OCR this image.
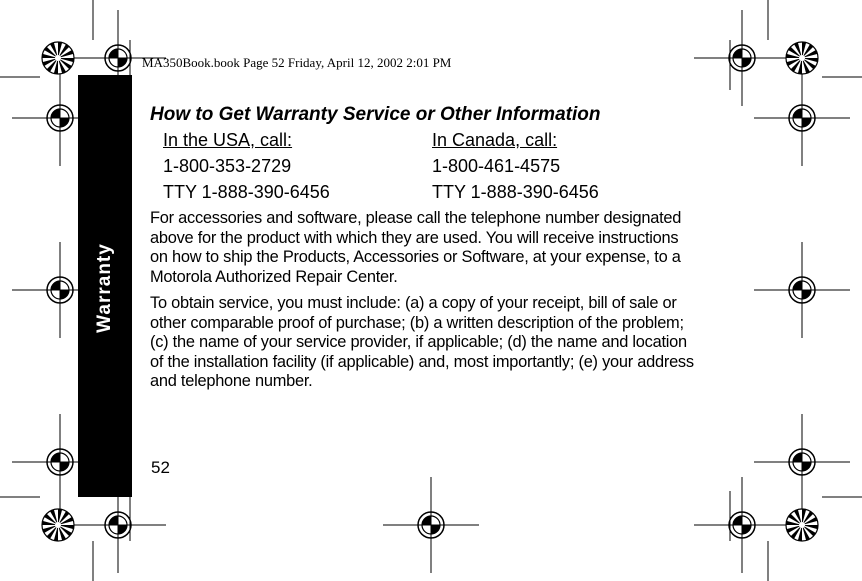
MA350Book.book Page 52 Friday, April 12, 2002 2:01 PM
Warranty
How to Get Warranty Service or Other Information
In the USA, call:
1-800-353-2729
TTY 1-888-390-6456
In Canada, call:
1-800-461-4575
TTY 1-888-390-6456

For accessories and software, please call the telephone number designated above for the product with which they are used. You will receive instructions on how to ship the Products, Accessories or Software, at your expense, to a Motorola Authorized Repair Center.

To obtain service, you must include: (a) a copy of your receipt, bill of sale or other comparable proof of purchase; (b) a written description of the problem; (c) the name of your service provider, if applicable; (d) the name and location of the installation facility (if applicable) and, most importantly; (e) your address and telephone number.

52
